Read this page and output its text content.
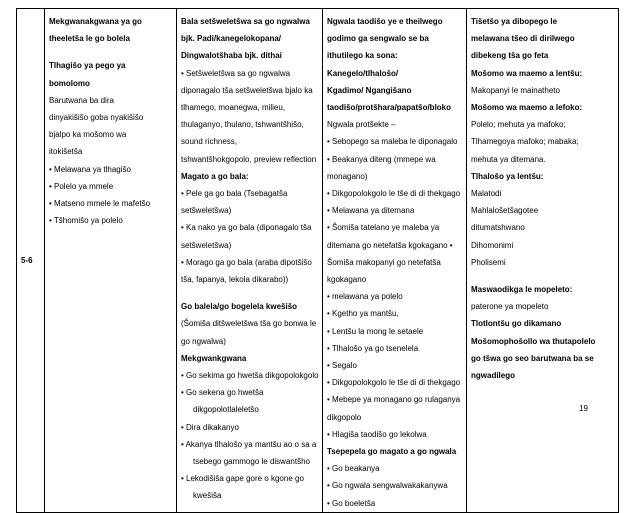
5-6

Mekgwanakgwana ya go
theeletša le go bolela
Tlhagišo ya pego ya
bomolomo
Barutwana ba dira
dinyakišišo goba nyakišišo
bjalpo ka mošomo wa
itokišetša
• Melawana ya tlhagišo
• Polelo ya mmele
• Matseno mmele le mafetšo
• Tšhomišo ya polelo

Bala setšweletšwa sa go ngwalwa
bjk. Padi/kanegelokopana/
Dingwalotšhaba bjk. dithai
• Setšweletšwa sa go ngwalwa
diponagalo tša setšweletšwa bjalo ka
tlhamego, moanegwa, milieu,
thulaganyo, thulano, tshwantšhišo,
sound richness,
tshwantšhokgopolo, preview reflection
Magato a go bala:
• Pele ga go bala (Tsebagatša
setšweletšwa)
• Ka nako ya go bala (diponagalo tša
setšweletšwa)
• Morago ga go bala (araba dipotšišo
tša, fapanya, lekola dikarabo))
Go balela/go bogelela kwešišo
(Šomiša ditšweletšwa tša go bonwa le
go ngwalwa)
Mekgwankgwana
• Go sekima go hwetša dikgopolokgolo
• Go sekena go hwetša
dikgopolotlaleletšo
• Dira dikakanyo
• Akanya tlhalošo ya mantšu ao o sa a
tsebego gammogo le diswantšho
• Lekodišiša gape gore o kgone go
kwešiša

Ngwala taodišo ye e theilwego
godimo ga sengwalo se ba
ithutilego ka sona:
Kanegelo/tlhalošo/
Kgadimo/ Ngangišano
taodišo/protšhara/papatšo/bloko
Ngwala protšekte –
• Sebopego sa maleba le diponagalo
• Beakanya diteng (mmepe wa
monagano)
• Dikgopolokgolo le tše di di thekgago
• Melawana ya ditemana
• Šomiša tatelano ye maleba ya
ditemana go netefatša kgokagano •
Šomiša makopanyi go netefatša
kgokagano
• melawana ya polelo
• Kgetho ya mantšu,
• Lentšu la mong le setaele
• Tlhalošo ya go tsenelela
• Segalo
• Dikgopolokgolo le tše di di thekgago
• Mebepe ya monagano go rulaganya
dikgopolo
• Hlagiša taodišo go lekolwa
Tsepepela go magato a go ngwala
• Go beakanya
• Go ngwala sengwalwakakanywa
• Go boeletša

Tišetšo ya dibopego le
melawana tšeo di dirilwego
dibekeng tša go feta
Mošomo wa maemo a lentšu:
Makopanyi le mainatheto
Mošomo wa maemo a lefoko:
Polelo; mehuta ya mafoko;
Tlhamegoya mafoko; mabaka;
mehuta ya ditemana.
Tlhalošo ya lentšu:
Malatodi
Mahlalošetšagotee
ditumatshwano
Dihomonimi
Pholisemi
Maswaodikga le mopeleto:
paterone ya mopeleto
Tlotlontšu go dikamano
Mošomophošollo wa thutapolelo
go tšwa go seo barutwana ba se
ngwadilego
19
